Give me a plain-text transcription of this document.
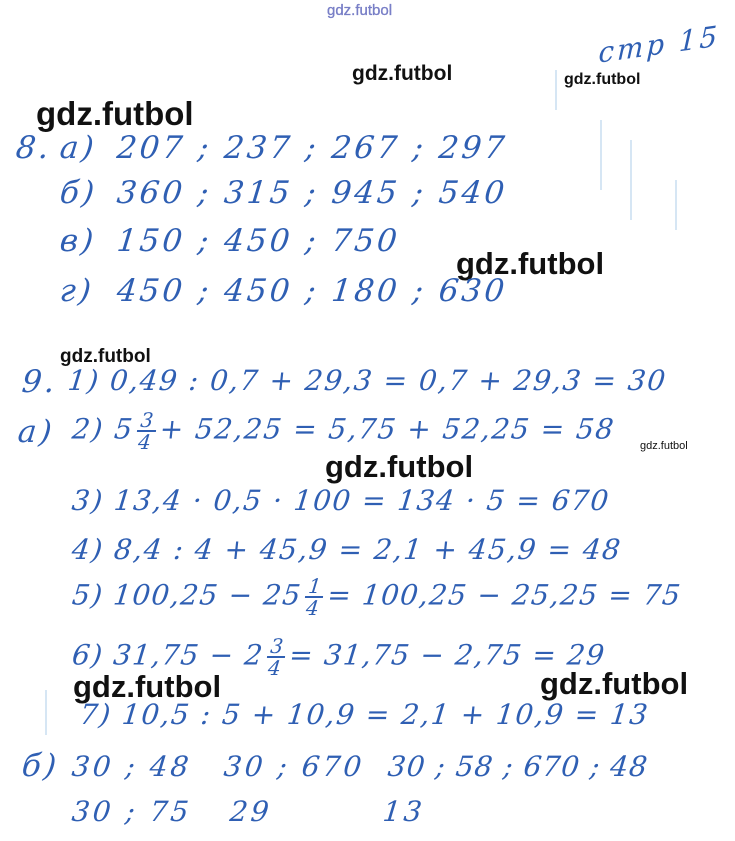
gdz.futbol
gdz.futbol	gdz.futbol
gdz.futbol
gdz.futbol
gdz.futbol
gdz.futbol
gdz.futbol
gdz.futbol	gdz.futbol
стр 15
8. а) 207 ; 237 ; 267 ; 297
б) 360 ; 315 ; 945 ; 540
в) 150 ; 450 ; 750
г) 450 ; 450 ; 180 ; 630
9.
а)
1) 0,49 : 0,7 + 29,3 = 0,7 + 29,3 = 30
2) $5 \frac{3}{4} + 52,25 = 5,75 + 52,25 = 58$
3) 13,4 · 0,5 · 100 = 134 · 5 = 670
4) 8,4 : 4 + 45,9 = 2,1 + 45,9 = 48
5) $100,25 - 25 \frac{1}{4} = 100,25 - 25,25 = 75$
6) $31,75 - 2 \frac{3}{4} = 31,75 - 2,75 = 29$
7) 10,5 : 5 + 10,9 = 2,1 + 10,9 = 13
б) 30 ; 48 30 ; 670 30 ; 58 ; 670 ; 48
30 ; 75 29	13
